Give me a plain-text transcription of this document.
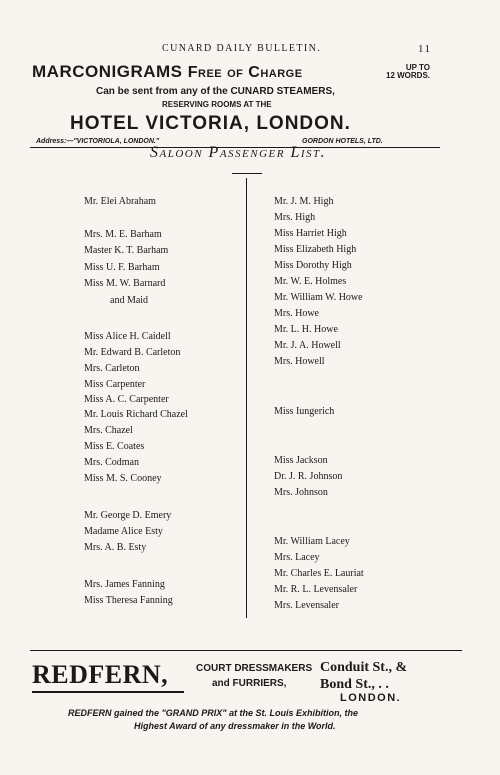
CUNARD DAILY BULLETIN.	11
MARCONIGRAMS Free of Charge	UP TO
12 WORDS.
Can be sent from any of the CUNARD STEAMERS,
RESERVING ROOMS AT THE
HOTEL VICTORIA, LONDON.
Address:—"VICTORIOLA, LONDON."	GORDON HOTELS, LTD.
Saloon Passenger List.
Mr. Elei Abraham
Mrs. M. E. Barham
Master K. T. Barham
Miss U. F. Barham
Miss M. W. Barnard
and Maid
Miss Alice H. Caidell
Mr. Edward B. Carleton
Mrs. Carleton
Miss Carpenter
Miss A. C. Carpenter
Mr. Louis Richard Chazel
Mrs. Chazel
Miss E. Coates
Mrs. Codman
Miss M. S. Cooney
Mr. George D. Emery
Madame Alice Esty
Mrs. A. B. Esty
Mrs. James Fanning
Miss Theresa Fanning
Mr. J. M. High
Mrs. High
Miss Harriet High
Miss Elizabeth High
Miss Dorothy High
Mr. W. E. Holmes
Mr. William W. Howe
Mrs. Howe
Mr. L. H. Howe
Mr. J. A. Howell
Mrs. Howell
Miss Iungerich
Miss Jackson
Dr. J. R. Johnson
Mrs. Johnson
Mr. William Lacey
Mrs. Lacey
Mr. Charles E. Lauriat
Mr. R. L. Levensaler
Mrs. Levensaler
REDFERN,	COURT DRESSMAKERS
and FURRIERS,
Conduit St., &
Bond St., . .
LONDON.
REDFERN gained the "GRAND PRIX" at the St. Louis Exhibition, the
Highest Award of any dressmaker in the World.
